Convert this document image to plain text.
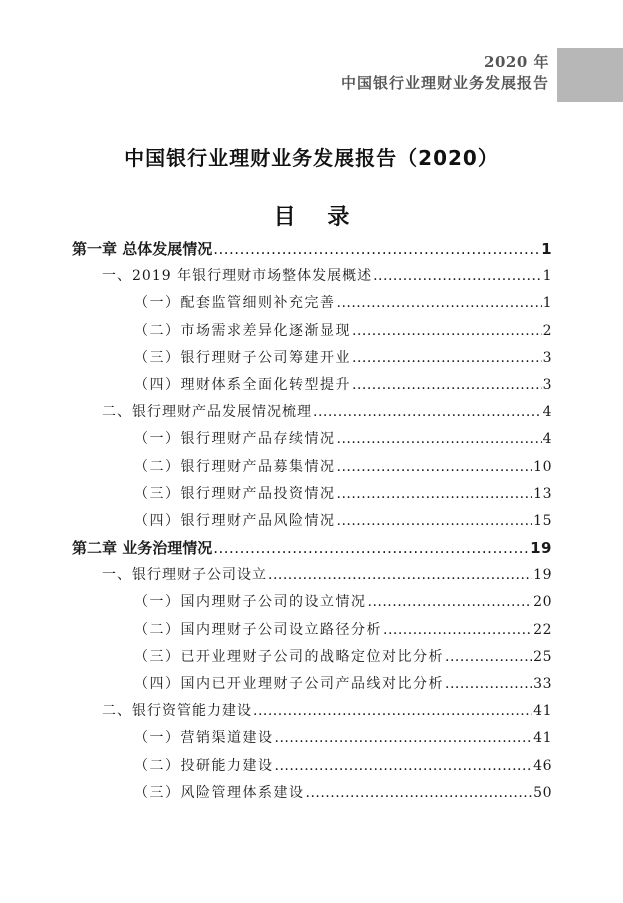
2020 年
中国银行业理财业务发展报告
中国银行业理财业务发展报告（2020）
目 录
第一章 总体发展情况 .....	1
一、2019 年银行理财市场整体发展概述 .....	1
（一）配套监管细则补充完善 .....	1
（二）市场需求差异化逐渐显现 .....	2
（三）银行理财子公司筹建开业 .....	3
（四）理财体系全面化转型提升 .....	3
二、银行理财产品发展情况梳理 .....	4
（一）银行理财产品存续情况 .....	4
（二）银行理财产品募集情况 .....	10
（三）银行理财产品投资情况 .....	13
（四）银行理财产品风险情况 .....	15
第二章 业务治理情况 .....	19
一、银行理财子公司设立 .....	19
（一）国内理财子公司的设立情况 .....	20
（二）国内理财子公司设立路径分析 .....	22
（三）已开业理财子公司的战略定位对比分析 .....	25
（四）国内已开业理财子公司产品线对比分析 .....	33
二、银行资管能力建设 .....	41
（一）营销渠道建设 .....	41
（二）投研能力建设 .....	46
（三）风险管理体系建设 .....	50
